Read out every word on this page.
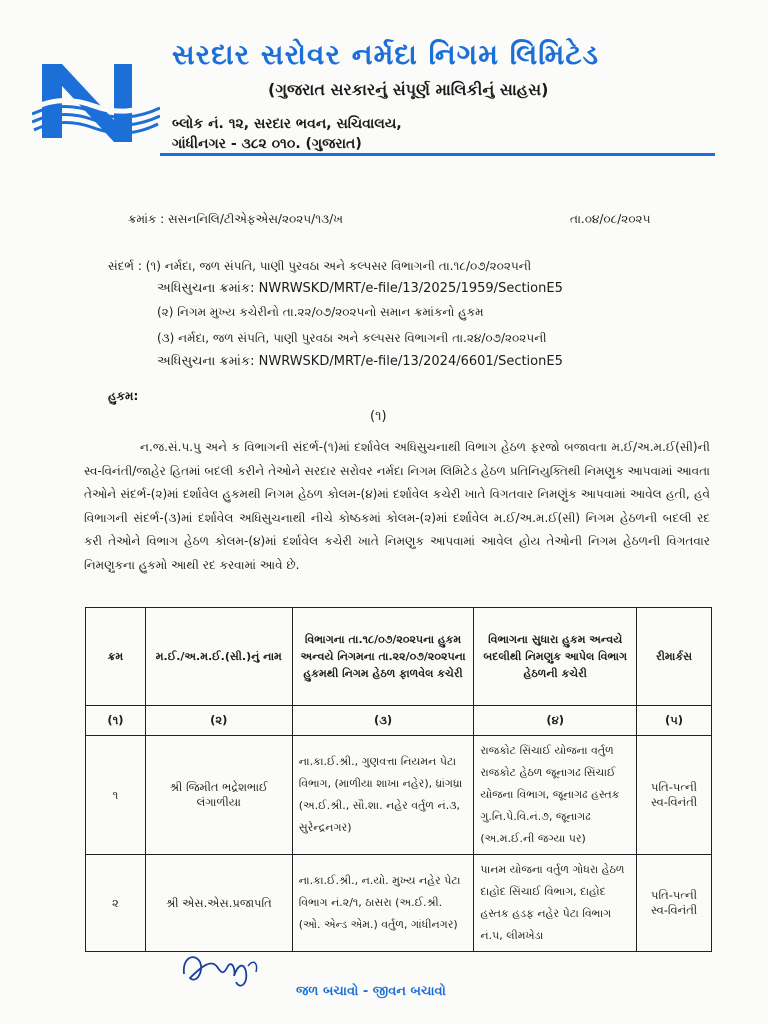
સરદાર સરોવર નર્મદા નિગમ લિમિટેડ
(ગુજરાત સરકારનું સંપૂર્ણ માલિકીનું સાહસ)
બ્લોક નં. ૧૨, સરદાર ભવન, સચિવાલય,
ગાંધીનગર - ૩૮૨ ૦૧૦. (ગુજરાત)
ક્રમાંક : સસનનિલિ/ટીએફએસ/૨૦૨૫/૧૩/ખ	તા.૦૪/૦૮/૨૦૨૫
સંદર્ભ : (૧) નર્મદા, જળ સંપતિ, પાણી પુરવઠા અને કલ્પસર વિભાગની તા.૧૮/૦૭/૨૦૨૫ની
અધિસુચના ક્રમાંક: NWRWSKD/MRT/e-file/13/2025/1959/SectionE5
(૨) નિગમ મુખ્ય કચેરીનો તા.૨૨/૦૭/૨૦૨૫નો સમાન ક્રમાંકનો હુકમ
(૩) નર્મદા, જળ સંપતિ, પાણી પુરવઠા અને કલ્પસર વિભાગની તા.૨૪/૦૭/૨૦૨૫ની
અધિસુચના ક્રમાંક: NWRWSKD/MRT/e-file/13/2024/6601/SectionE5
હુકમ:
(૧)

ન.જ.સં.પ.પુ અને ક વિભાગની સંદર્ભ-(૧)માં દર્શાવેલ અધિસુચનાથી વિભાગ હેઠળ ફરજો બજાવતા મ.ઈ/અ.મ.ઈ(સી)ની સ્વ-વિનંતી/જાહેર હિતમાં બદલી કરીને તેઓને સરદાર સરોવર નર્મદા નિગમ લિમિટેડ હેઠળ પ્રતિનિયુક્તિથી નિમણુક આપવામાં આવતા તેઓને સંદર્ભ-(૨)માં દર્શાવેલ હુકમથી નિગમ હેઠળ કોલમ-(૪)માં દર્શાવેલ કચેરી ખાતે વિગતવાર નિમણુંક આપવામાં આવેલ હતી, હવે વિભાગની સંદર્ભ-(૩)માં દર્શાવેલ અધિસુચનાથી નીચે કોષ્ઠકમાં કોલમ-(૨)માં દર્શાવેલ મ.ઈ/અ.મ.ઈ(સી) નિગમ હેઠળની બદલી રદ કરી તેઓને વિભાગ હેઠળ કોલમ-(૪)માં દર્શાવેલ કચેરી ખાતે નિમણુક આપવામાં આવેલ હોય તેઓની નિગમ હેઠળની વિગતવાર નિમણુકના હુકમો આથી રદ કરવામાં આવે છે.

ક્રમ	મ.ઈ./અ.મ.ઈ.(સી.)નું નામ	વિભાગના તા.૧૮/૦૭/૨૦૨૫ના હુકમ અન્વયે નિગમના તા.૨૨/૦૭/૨૦૨૫ના હુકમથી નિગમ હેઠળ ફાળવેલ કચેરી	વિભાગના સુધારા હુકમ અન્વયે બદલીથી નિમણુક આપેલ વિભાગ હેઠળની કચેરી	રીમાર્કસ
(૧)	(૨)	(૩)	(૪)	(૫)
૧	શ્રી જિમીત ભદ્રેશભાઈ લંગાળીયા	ના.કા.ઈ.શ્રી., ગુણવત્તા નિયમન પેટા વિભાગ, (માળીયા શાખા નહેર), ધ્રાંગધ્રા (અ.ઈ.શ્રી., સૌ.શા. નહેર વર્તુળ નં.૩, સુરેન્દ્રનગર)	રાજકોટ સિંચાઈ યોજના વર્તુળ રાજકોટ હેઠળ જૂનાગઢ સિંચાઈ યોજના વિભાગ, જૂનાગઢ હસ્તક ગુ.નિ.પે.વિ.નં.૭, જૂનાગઢ (અ.મ.ઈ.ની જગ્યા પર)	પતિ-પત્ની સ્વ-વિનંતી
૨	શ્રી એસ.એસ.પ્રજાપતિ	ના.કા.ઈ.શ્રી., ન.યો. મુખ્ય નહેર પેટા વિભાગ નં.૨/૧, ઠાસરા (અ.ઈ.શ્રી. (ઓ. એન્ડ એમ.) વર્તુળ, ગાંધીનગર)	પાનમ યોજના વર્તુળ ગોધરા હેઠળ દાહોદ સિંચાઈ વિભાગ, દાહોદ હસ્તક હડફ નહેર પેટા વિભાગ નં.૫, લીમખેડા	પતિ-પત્ની સ્વ-વિનંતી
જળ બચાવો - જીવન બચાવો
